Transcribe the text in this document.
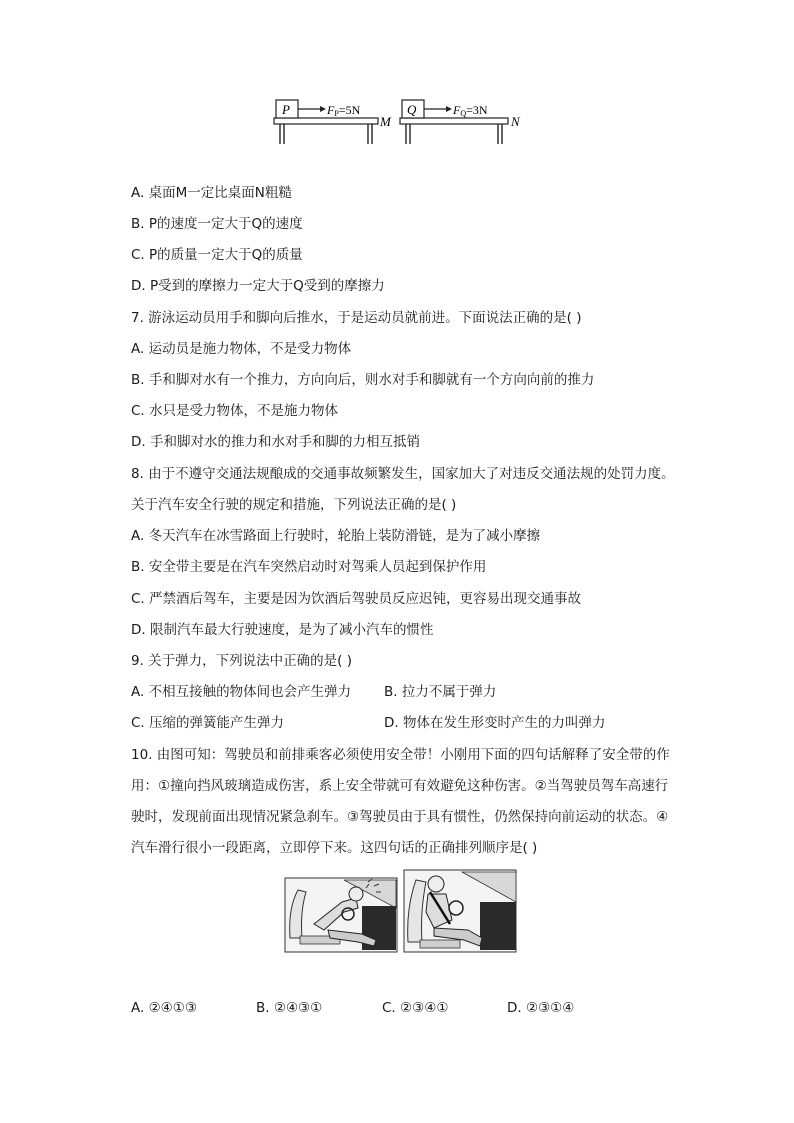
P	FP=5N
M
Q	FQ=3N
N
A. 桌面M一定比桌面N粗糙
B. P的速度一定大于Q的速度
C. P的质量一定大于Q的质量
D. P受到的摩擦力一定大于Q受到的摩擦力
7. 游泳运动员用手和脚向后推水，于是运动员就前进。下面说法正确的是( )
A. 运动员是施力物体，不是受力物体
B. 手和脚对水有一个推力，方向向后，则水对手和脚就有一个方向向前的推力
C. 水只是受力物体，不是施力物体
D. 手和脚对水的推力和水对手和脚的力相互抵销
8. 由于不遵守交通法规酿成的交通事故频繁发生，国家加大了对违反交通法规的处罚力度。
关于汽车安全行驶的规定和措施，下列说法正确的是( )
A. 冬天汽车在冰雪路面上行驶时，轮胎上装防滑链，是为了减小摩擦
B. 安全带主要是在汽车突然启动时对驾乘人员起到保护作用
C. 严禁酒后驾车，主要是因为饮酒后驾驶员反应迟钝，更容易出现交通事故
D. 限制汽车最大行驶速度，是为了减小汽车的惯性
9. 关于弹力，下列说法中正确的是( )
A. 不相互接触的物体间也会产生弹力 B. 拉力不属于弹力
C. 压缩的弹簧能产生弹力	D. 物体在发生形变时产生的力叫弹力
10. 由图可知：驾驶员和前排乘客必须使用安全带！小刚用下面的四句话解释了安全带的作
用：①撞向挡风玻璃造成伤害，系上安全带就可有效避免这种伤害。②当驾驶员驾车高速行
驶时，发现前面出现情况紧急刹车。③驾驶员由于具有惯性，仍然保持向前运动的状态。④
汽车滑行很小一段距离，立即停下来。这四句话的正确排列顺序是( )
A. ②④①③	B. ②④③①	C. ②③④①	D. ②③①④
